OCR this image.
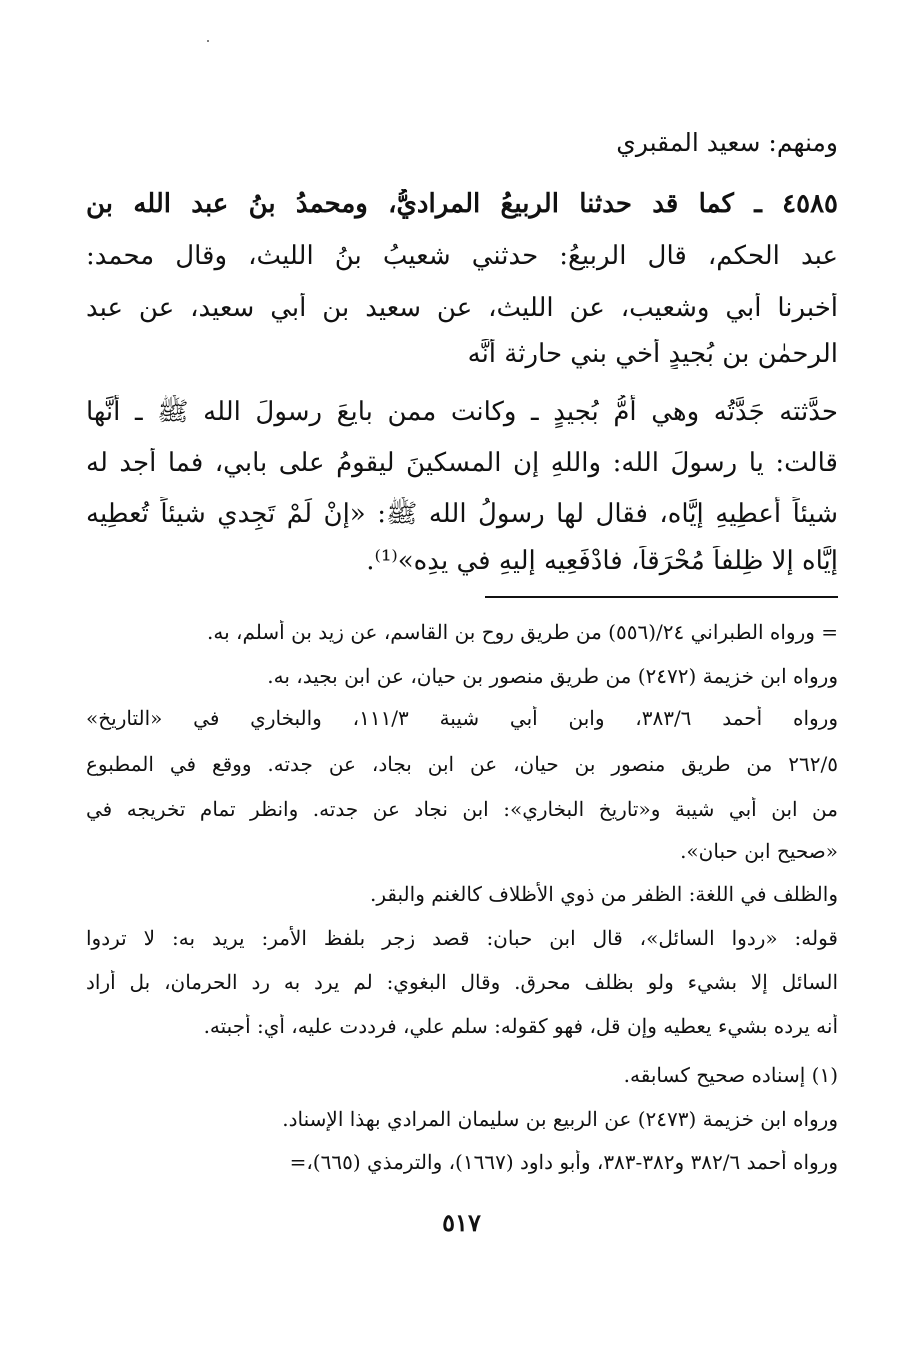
ومنهم: سعيد المقبري
٤٥٨٥ ـ كما قد حدثنا الربيعُ المراديُّ، ومحمدُ بنُ عبد الله بن
عبد الحكم، قال الربيعُ: حدثني شعيبُ بنُ الليث، وقال محمد:
أخبرنا أبي وشعيب، عن الليث، عن سعيد بنِ أبي سعيد، عن عبد
الرحمٰن بن بُجيدٍ أخي بني حارثة أنَّه
حدَّثته جَدَّتُه وهي أُمُّ بُجيدٍ ـ وكانت ممن بايعَ رسولَ الله ﷺ ـ أنَّها
قالت: يا رسولَ الله: واللهِ إن المسكينَ ليقومُ على بابي، فما أجد له
شيئاً أُعطِيهِ إيَّاه، فقال لها رسولُ الله ﷺ: «إنْ لَمْ تَجِدي شيئاً تُعطِيه
إيَّاه إلا ظِلفاً مُحْرَقاً، فادْفَعِيه إليهِ في يدِه»⁽¹⁾.
= ورواه الطبراني ٢٤/(٥٥٦) من طريق روح بن القاسم، عن زيد بن أسلم، به.
ورواه ابن خزيمة (٢٤٧٢) من طريق منصور بن حيان، عن ابن بجيد، به.
ورواه أحمد ٣٨٣/٦، وابن أبي شيبة ١١١/٣، والبخاري في «التاريخ»
٢٦٢/٥ من طريق منصور بن حيان، عن ابن بجاد، عن جدته. ووقع في المطبوع
من ابن أبي شيبة و«تاريخ البخاري»: ابن نجاد عن جدته. وانظر تمام تخريجه في
«صحيح ابن حبان».
والظلف في اللغة: الظفر من ذوي الأظلاف كالغنم والبقر.
قوله: «ردوا السائل»، قال ابن حبان: قصد زجر بلفظ الأمر: يريد به: لا تردوا
السائل إلا بشيء ولو بظلف محرق. وقال البغوي: لم يرد به رد الحرمان، بل أراد
أنه يرده بشيء يعطيه وإن قل، فهو كقوله: سلم علي، فرددت عليه، أي: أجبته.
(١) إسناده صحيح كسابقه.
ورواه ابن خزيمة (٢٤٧٣) عن الربيع بن سليمان المرادي بهذا الإسناد.
ورواه أحمد ٣٨٢/٦ و٣٨٢-٣٨٣، وأبو داود (١٦٦٧)، والترمذي (٦٦٥)،=
٥١٧
